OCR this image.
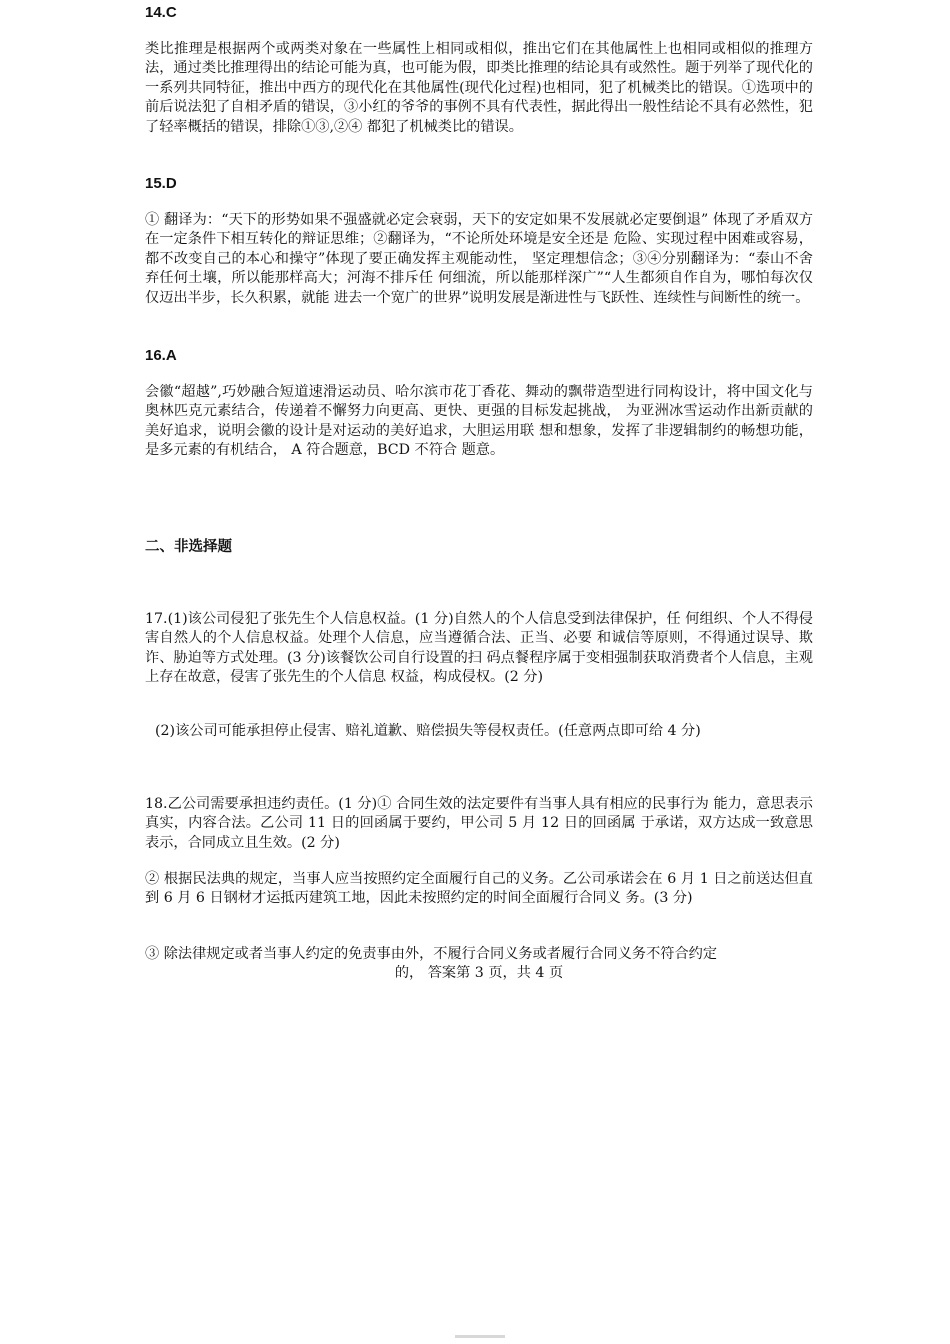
14.C

类比推理是根据两个或两类对象在一些属性上相同或相似，推出它们在其他属性上也相同或相似的推理方法，通过类比推理得出的结论可能为真，也可能为假，即类比推理的结论具有或然性。题于列举了现代化的一系列共同特征，推出中西方的现代化在其他属性(现代化过程)也相同，犯了机械类比的错误。①选项中的前后说法犯了自相矛盾的错误，③小红的爷爷的事例不具有代表性，据此得出一般性结论不具有必然性，犯了轻率概括的错误，排除①③,②④ 都犯了机械类比的错误。

15.D

① 翻译为：“天下的形势如果不强盛就必定会衰弱，天下的安定如果不发展就必定要倒退” 体现了矛盾双方在一定条件下相互转化的辩证思维；②翻译为，“不论所处环境是安全还是 危险、实现过程中困难或容易，都不改变自己的本心和操守”体现了要正确发挥主观能动性， 坚定理想信念；③④分别翻译为：“泰山不舍弃任何土壤，所以能那样高大；河海不排斥任 何细流，所以能那样深广”“人生都须自作自为，哪怕每次仅仅迈出半步，长久积累，就能 进去一个宽广的世界”说明发展是渐进性与飞跃性、连续性与间断性的统一。

16.A

会徽“超越”,巧妙融合短道速滑运动员、哈尔滨市花丁香花、舞动的飘带造型进行同构设计，将中国文化与奥林匹克元素结合，传递着不懈努力向更高、更快、更强的目标发起挑战， 为亚洲冰雪运动作出新贡献的美好追求，说明会徽的设计是对运动的美好追求，大胆运用联 想和想象，发挥了非逻辑制约的畅想功能，是多元素的有机结合， A 符合题意，BCD 不符合 题意。

二、非选择题

17.(1)该公司侵犯了张先生个人信息权益。(1 分)自然人的个人信息受到法律保护，任 何组织、个人不得侵害自然人的个人信息权益。处理个人信息，应当遵循合法、正当、必要 和诚信等原则，不得通过误导、欺诈、胁迫等方式处理。(3 分)该餐饮公司自行设置的扫 码点餐程序属于变相强制获取消费者个人信息，主观上存在故意，侵害了张先生的个人信息 权益，构成侵权。(2 分)

(2)该公司可能承担停止侵害、赔礼道歉、赔偿损失等侵权责任。(任意两点即可给 4 分)

18.乙公司需要承担违约责任。(1 分)① 合同生效的法定要件有当事人具有相应的民事行为 能力，意思表示真实，内容合法。乙公司 11 日的回函属于要约，甲公司 5 月 12 日的回函属 于承诺，双方达成一致意思表示，合同成立且生效。(2 分)

② 根据民法典的规定，当事人应当按照约定全面履行自己的义务。乙公司承诺会在 6 月 1 日之前送达但直到 6 月 6 日钢材才运抵丙建筑工地，因此未按照约定的时间全面履行合同义 务。(3 分)

③ 除法律规定或者当事人约定的免责事由外，不履行合同义务或者履行合同义务不符合约定

的， 答案第 3 页，共 4 页
